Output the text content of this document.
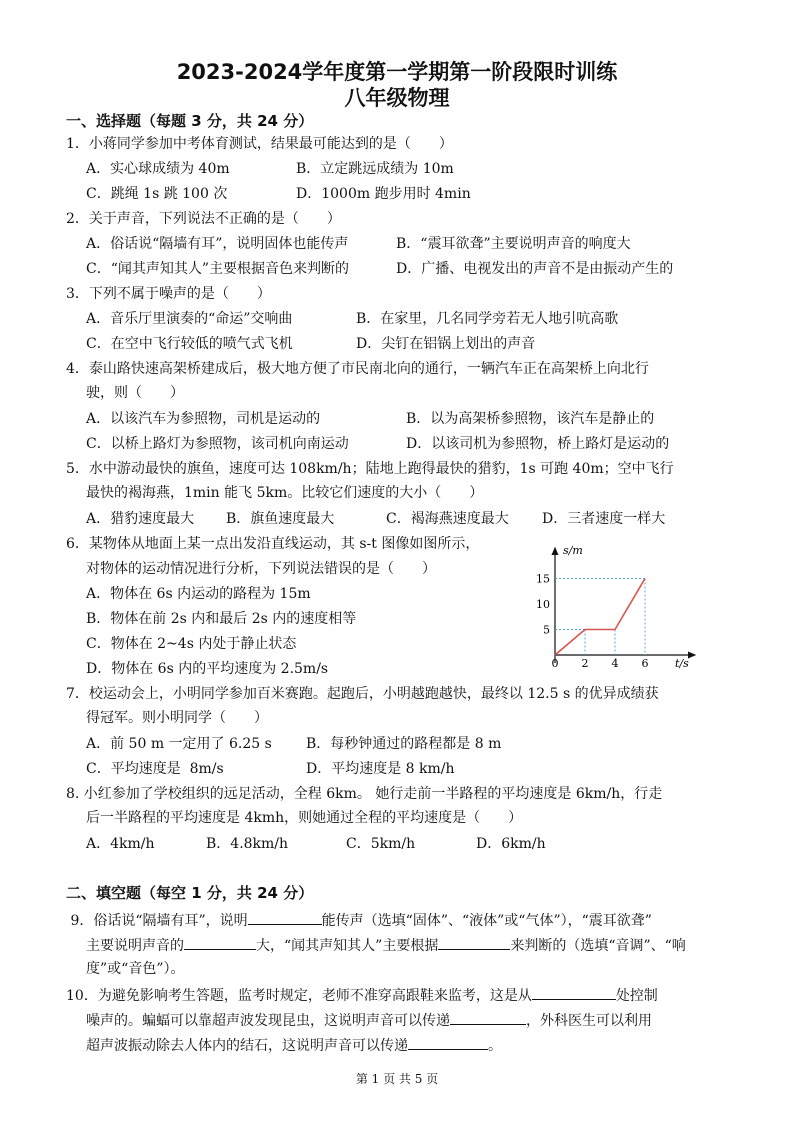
2023-2024学年度第一学期第一阶段限时训练
八年级物理
一、选择题（每题 3 分，共 24 分）
1．小蒋同学参加中考体育测试，结果最可能达到的是（　　）
A．实心球成绩为 40m	B．立定跳远成绩为 10m
C．跳绳 1s 跳 100 次	D．1000m 跑步用时 4min
2．关于声音，下列说法不正确的是（　　）
A．俗话说“隔墙有耳”，说明固体也能传声	B．“震耳欲聋”主要说明声音的响度大
C．“闻其声知其人”主要根据音色来判断的	D．广播、电视发出的声音不是由振动产生的
3．下列不属于噪声的是（　　）
A．音乐厅里演奏的“命运”交响曲	B．在家里，几名同学旁若无人地引吭高歌
C．在空中飞行较低的喷气式飞机	D．尖钉在铝锅上划出的声音
4．泰山路快速高架桥建成后，极大地方便了市民南北向的通行，一辆汽车正在高架桥上向北行
驶，则（　　）
A．以该汽车为参照物，司机是运动的	B．以为高架桥参照物，该汽车是静止的
C．以桥上路灯为参照物，该司机向南运动	D．以该司机为参照物，桥上路灯是运动的
5．水中游动最快的旗鱼，速度可达 108km/h；陆地上跑得最快的猎豹，1s 可跑 40m；空中飞行
最快的褐海燕，1min 能飞 5km。比较它们速度的大小（　　）
A．猎豹速度最大 B．旗鱼速度最大	C．褐海燕速度最大 D．三者速度一样大
6．某物体从地面上某一点出发沿直线运动，其 s-t 图像如图所示，
对物体的运动情况进行分析，下列说法错误的是（　　）
A．物体在 6s 内运动的路程为 15m
B．物体在前 2s 内和最后 2s 内的速度相等
C．物体在 2~4s 内处于静止状态
D．物体在 6s 内的平均速度为 2.5m/s
s/m
t/s
15
10
5
0 2 4 6
7．校运动会上，小明同学参加百米赛跑。起跑后，小明越跑越快，最终以 12.5 s 的优异成绩获
得冠军。则小明同学（　　）
A．前 50 m 一定用了 6.25 s B．每秒钟通过的路程都是 8 m
C．平均速度是  8m/s	D．平均速度是 8 km/h
8. 小红参加了学校组织的远足活动，全程 6km。 她行走前一半路程的平均速度是 6km/h，行走
后一半路程的平均速度是 4kmh，则她通过全程的平均速度是（　　）
A．4km/h	B．4.8km/h	C．5km/h	D．6km/h
二、填空题（每空 1 分，共 24 分）
9．俗话说“隔墙有耳”，说明	能传声（选填“固体”、“液体”或“气体”），“震耳欲聋”
主要说明声音的	大，“闻其声知其人”主要根据	来判断的（选填“音调”、“响
度”或“音色”）。
10．为避免影响考生答题，监考时规定，老师不准穿高跟鞋来监考，这是从	处控制
噪声的。蝙蝠可以靠超声波发现昆虫，这说明声音可以传递	，外科医生可以利用
超声波振动除去人体内的结石，这说明声音可以传递	。
第 1 页 共 5 页
